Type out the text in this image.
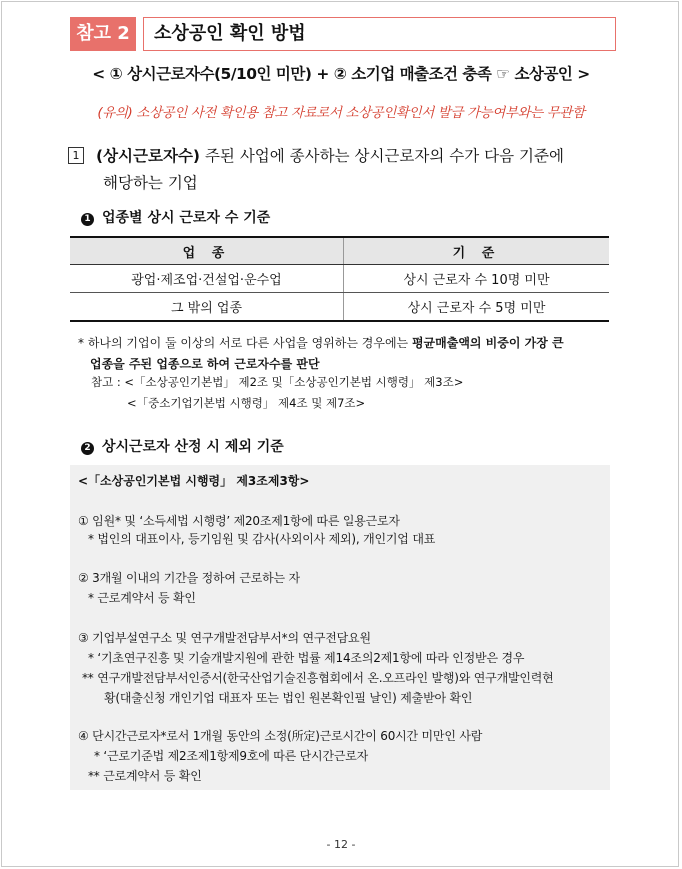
참고 2	소상공인 확인 방법
< ① 상시근로자수(5/10인 미만) + ② 소기업 매출조건 충족 ☞ 소상공인 >
(유의) 소상공인 사전 확인용 참고 자료로서 소상공인확인서 발급 가능여부와는 무관함
1 (상시근로자수) 주된 사업에 종사하는 상시근로자의 수가 다음 기준에
해당하는 기업
1 업종별 상시 근로자 수 기준
업 종	기 준
광업·제조업·건설업·운수업	상시 근로자 수 10명 미만
그 밖의 업종	상시 근로자 수 5명 미만
* 하나의 기업이 둘 이상의 서로 다른 사업을 영위하는 경우에는 평균매출액의 비중이 가장 큰
업종을 주된 업종으로 하여 근로자수를 판단
참고 : <「소상공인기본법」 제2조 및「소상공인기본법 시행령」 제3조>
<「중소기업기본법 시행령」 제4조 및 제7조>
2 상시근로자 산정 시 제외 기준
<「소상공인기본법 시행령」 제3조제3항>
① 임원* 및 ‘소득세법 시행령’ 제20조제1항에 따른 일용근로자
* 법인의 대표이사, 등기임원 및 감사(사외이사 제외), 개인기업 대표
② 3개월 이내의 기간을 정하여 근로하는 자
* 근로계약서 등 확인
③ 기업부설연구소 및 연구개발전담부서*의 연구전담요원
* ‘기초연구진흥 및 기술개발지원에 관한 법률 제14조의2제1항에 따라 인정받은 경우
** 연구개발전담부서인증서(한국산업기술진흥협회에서 온.오프라인 발행)와 연구개발인력현
황(대출신청 개인기업 대표자 또는 법인 원본확인필 날인) 제출받아 확인
④ 단시간근로자*로서 1개월 동안의 소정(所定)근로시간이 60시간 미만인 사람
* ‘근로기준법 제2조제1항제9호에 따른 단시간근로자
** 근로계약서 등 확인
- 12 -
